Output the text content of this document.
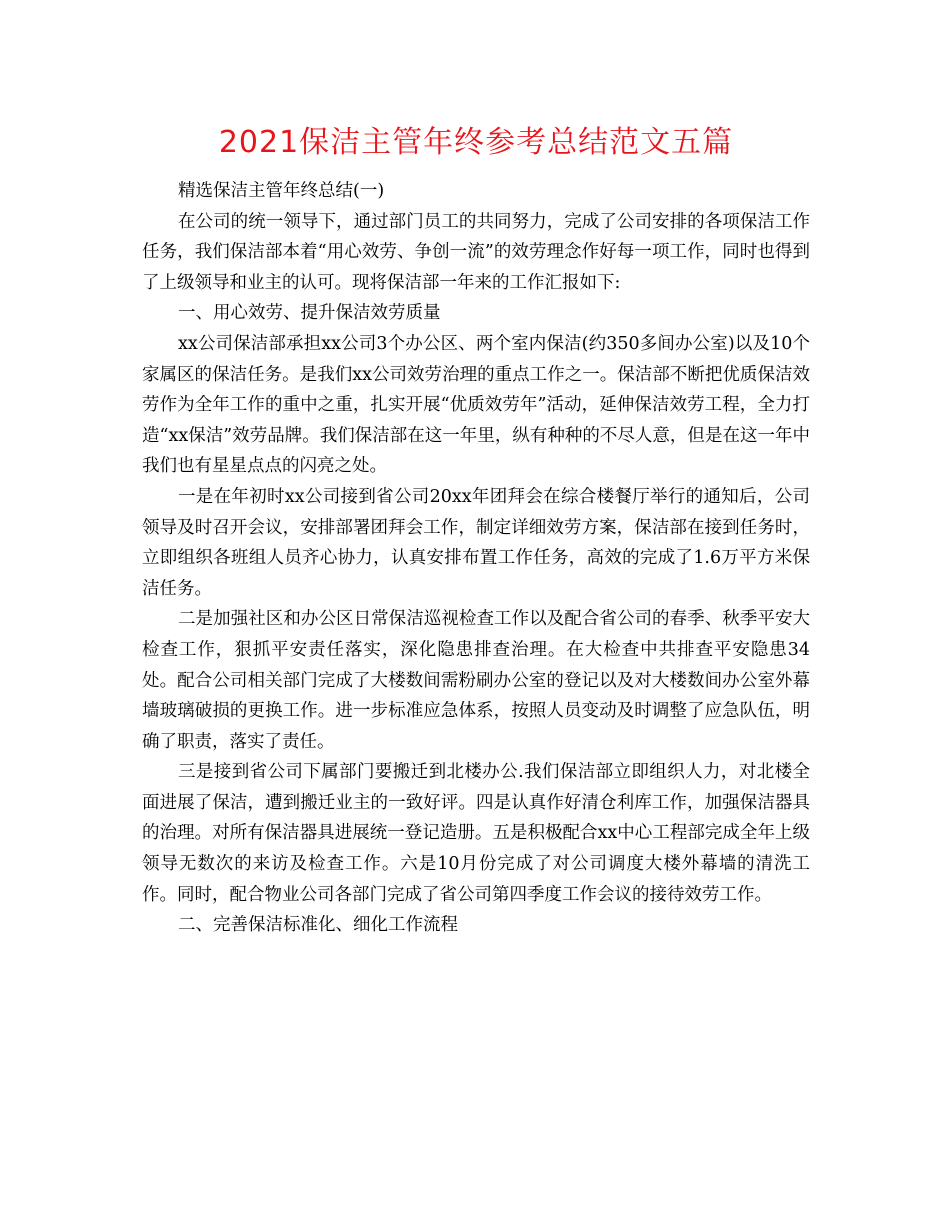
2021保洁主管年终参考总结范文五篇

精选保洁主管年终总结(一)

在公司的统一领导下，通过部门员工的共同努力，完成了公司安排的各项保洁工作任务，我们保洁部本着“用心效劳、争创一流”的效劳理念作好每一项工作，同时也得到了上级领导和业主的认可。现将保洁部一年来的工作汇报如下:

一、用心效劳、提升保洁效劳质量

xx公司保洁部承担xx公司3个办公区、两个室内保洁(约350多间办公室)以及10个家属区的保洁任务。是我们xx公司效劳治理的重点工作之一。保洁部不断把优质保洁效劳作为全年工作的重中之重，扎实开展“优质效劳年”活动，延伸保洁效劳工程，全力打造“xx保洁”效劳品牌。我们保洁部在这一年里，纵有种种的不尽人意，但是在这一年中我们也有星星点点的闪亮之处。

一是在年初时xx公司接到省公司20xx年团拜会在综合楼餐厅举行的通知后，公司领导及时召开会议，安排部署团拜会工作，制定详细效劳方案，保洁部在接到任务时，立即组织各班组人员齐心协力，认真安排布置工作任务，高效的完成了1.6万平方米保洁任务。

二是加强社区和办公区日常保洁巡视检查工作以及配合省公司的春季、秋季平安大检查工作，狠抓平安责任落实，深化隐患排查治理。在大检查中共排查平安隐患34处。配合公司相关部门完成了大楼数间需粉刷办公室的登记以及对大楼数间办公室外幕墙玻璃破损的更换工作。进一步标准应急体系，按照人员变动及时调整了应急队伍，明确了职责，落实了责任。

三是接到省公司下属部门要搬迁到北楼办公.我们保洁部立即组织人力，对北楼全面进展了保洁，遭到搬迁业主的一致好评。四是认真作好清仓利库工作，加强保洁器具的治理。对所有保洁器具进展统一登记造册。五是积极配合xx中心工程部完成全年上级领导无数次的来访及检查工作。六是10月份完成了对公司调度大楼外幕墙的清洗工作。同时，配合物业公司各部门完成了省公司第四季度工作会议的接待效劳工作。

二、完善保洁标准化、细化工作流程
